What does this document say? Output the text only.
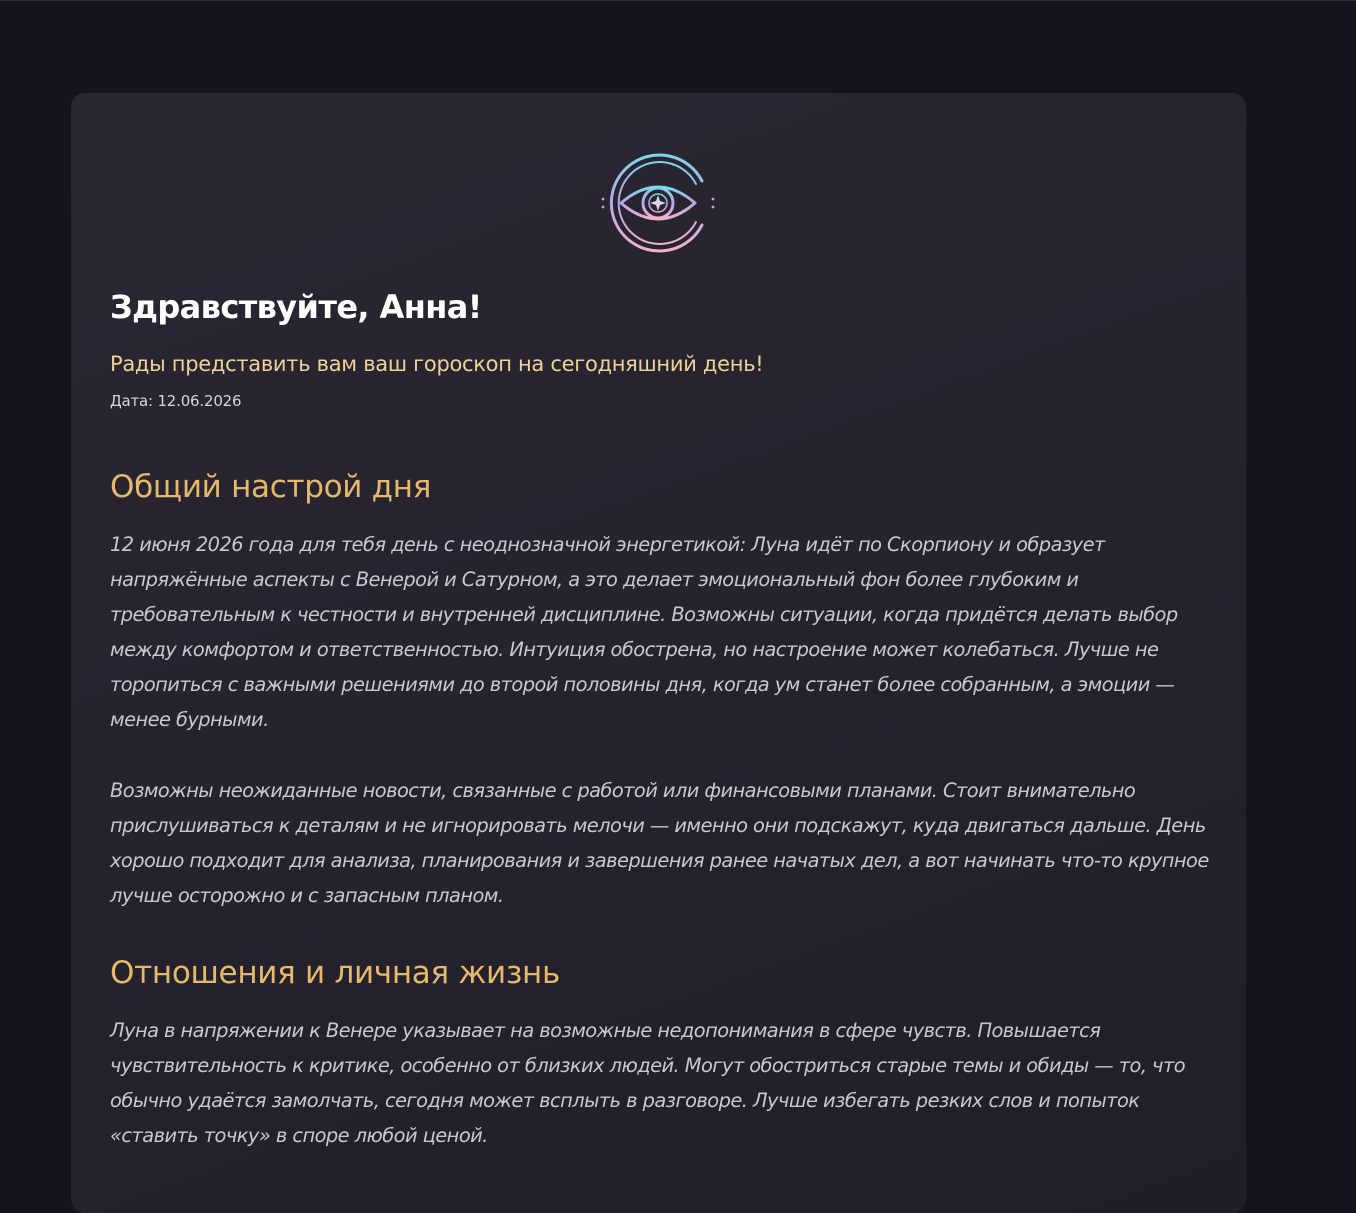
Здравствуйте, Анна!

Рады представить вам ваш гороскоп на сегодняшний день!

Дата: 12.06.2026

Общий настрой дня

12 июня 2026 года для тебя день с неоднозначной энергетикой: Луна идёт по Скорпиону и образует напряжённые аспекты с Венерой и Сатурном, а это делает эмоциональный фон более глубоким и требовательным к честности и внутренней дисциплине. Возможны ситуации, когда придётся делать выбор между комфортом и ответственностью. Интуиция обострена, но настроение может колебаться. Лучше не торопиться с важными решениями до второй половины дня, когда ум станет более собранным, а эмоции — менее бурными.

Возможны неожиданные новости, связанные с работой или финансовыми планами. Стоит внимательно прислушиваться к деталям и не игнорировать мелочи — именно они подскажут, куда двигаться дальше. День хорошо подходит для анализа, планирования и завершения ранее начатых дел, а вот начинать что-то крупное лучше осторожно и с запасным планом.

Отношения и личная жизнь

Луна в напряжении к Венере указывает на возможные недопонимания в сфере чувств. Повышается чувствительность к критике, особенно от близких людей. Могут обостриться старые темы и обиды — то, что обычно удаётся замолчать, сегодня может всплыть в разговоре. Лучше избегать резких слов и попыток «ставить точку» в споре любой ценой.
